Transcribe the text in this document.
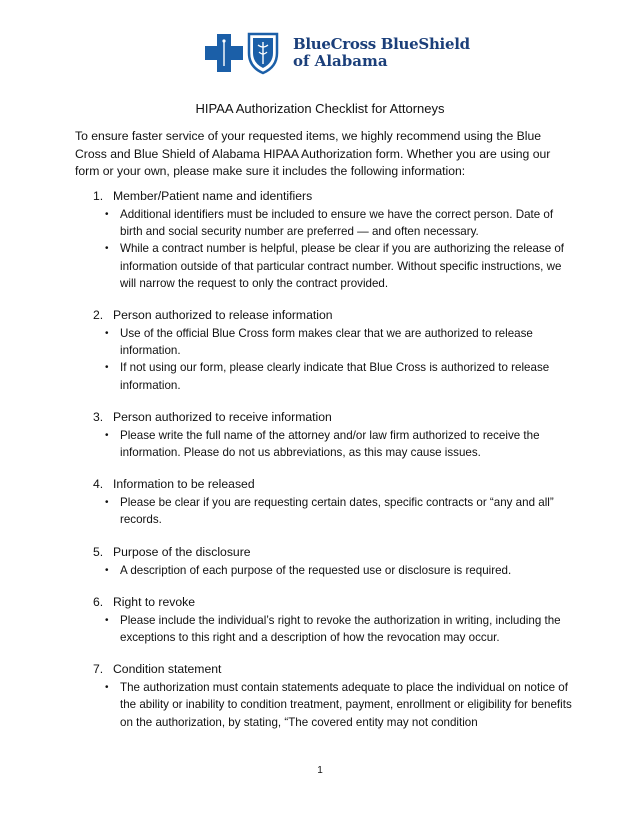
BlueCross BlueShield
of Alabama
HIPAA Authorization Checklist for Attorneys
To ensure faster service of your requested items, we highly recommend using the Blue Cross and Blue Shield of Alabama HIPAA Authorization form. Whether you are using our form or your own, please make sure it includes the following information:
1. Member/Patient name and identifiers
• Additional identifiers must be included to ensure we have the correct person. Date of birth and social security number are preferred — and often necessary.
• While a contract number is helpful, please be clear if you are authorizing the release of information outside of that particular contract number. Without specific instructions, we will narrow the request to only the contract provided.
2. Person authorized to release information
• Use of the official Blue Cross form makes clear that we are authorized to release information.
• If not using our form, please clearly indicate that Blue Cross is authorized to release information.
3. Person authorized to receive information
• Please write the full name of the attorney and/or law firm authorized to receive the information. Please do not us abbreviations, as this may cause issues.
4. Information to be released
• Please be clear if you are requesting certain dates, specific contracts or “any and all” records.
5. Purpose of the disclosure
• A description of each purpose of the requested use or disclosure is required.
6. Right to revoke
• Please include the individual’s right to revoke the authorization in writing, including the exceptions to this right and a description of how the revocation may occur.
7. Condition statement
• The authorization must contain statements adequate to place the individual on notice of the ability or inability to condition treatment, payment, enrollment or eligibility for benefits on the authorization, by stating, “The covered entity may not condition
1
